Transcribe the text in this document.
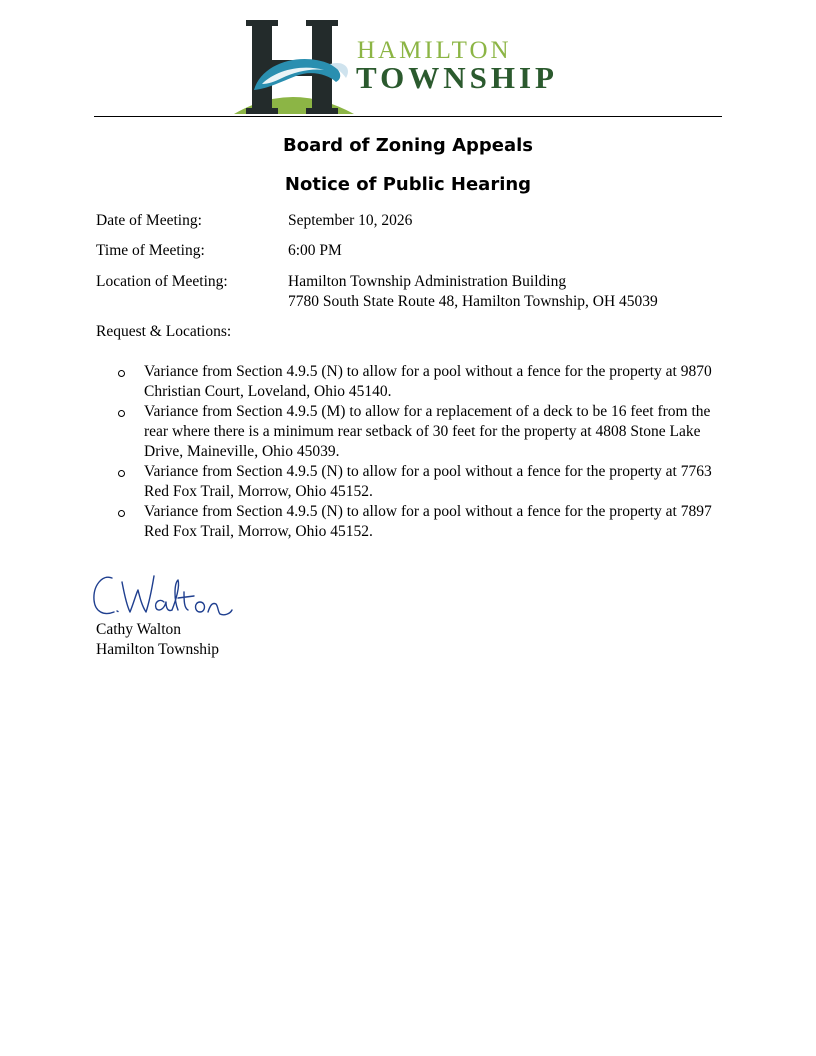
HAMILTON
TOWNSHIP
Board of Zoning Appeals
Notice of Public Hearing
Date of Meeting:	September 10, 2026
Time of Meeting:	6:00 PM
Location of Meeting:	Hamilton Township Administration Building
7780 South State Route 48, Hamilton Township, OH 45039
Request & Locations:
Variance from Section 4.9.5 (N) to allow for a pool without a fence for the property at 9870 Christian Court, Loveland, Ohio 45140.
Variance from Section 4.9.5 (M) to allow for a replacement of a deck to be 16 feet from the rear where there is a minimum rear setback of 30 feet for the property at 4808 Stone Lake Drive, Maineville, Ohio 45039.
Variance from Section 4.9.5 (N) to allow for a pool without a fence for the property at 7763 Red Fox Trail, Morrow, Ohio 45152.
Variance from Section 4.9.5 (N) to allow for a pool without a fence for the property at 7897 Red Fox Trail, Morrow, Ohio 45152.
Cathy Walton
Hamilton Township
